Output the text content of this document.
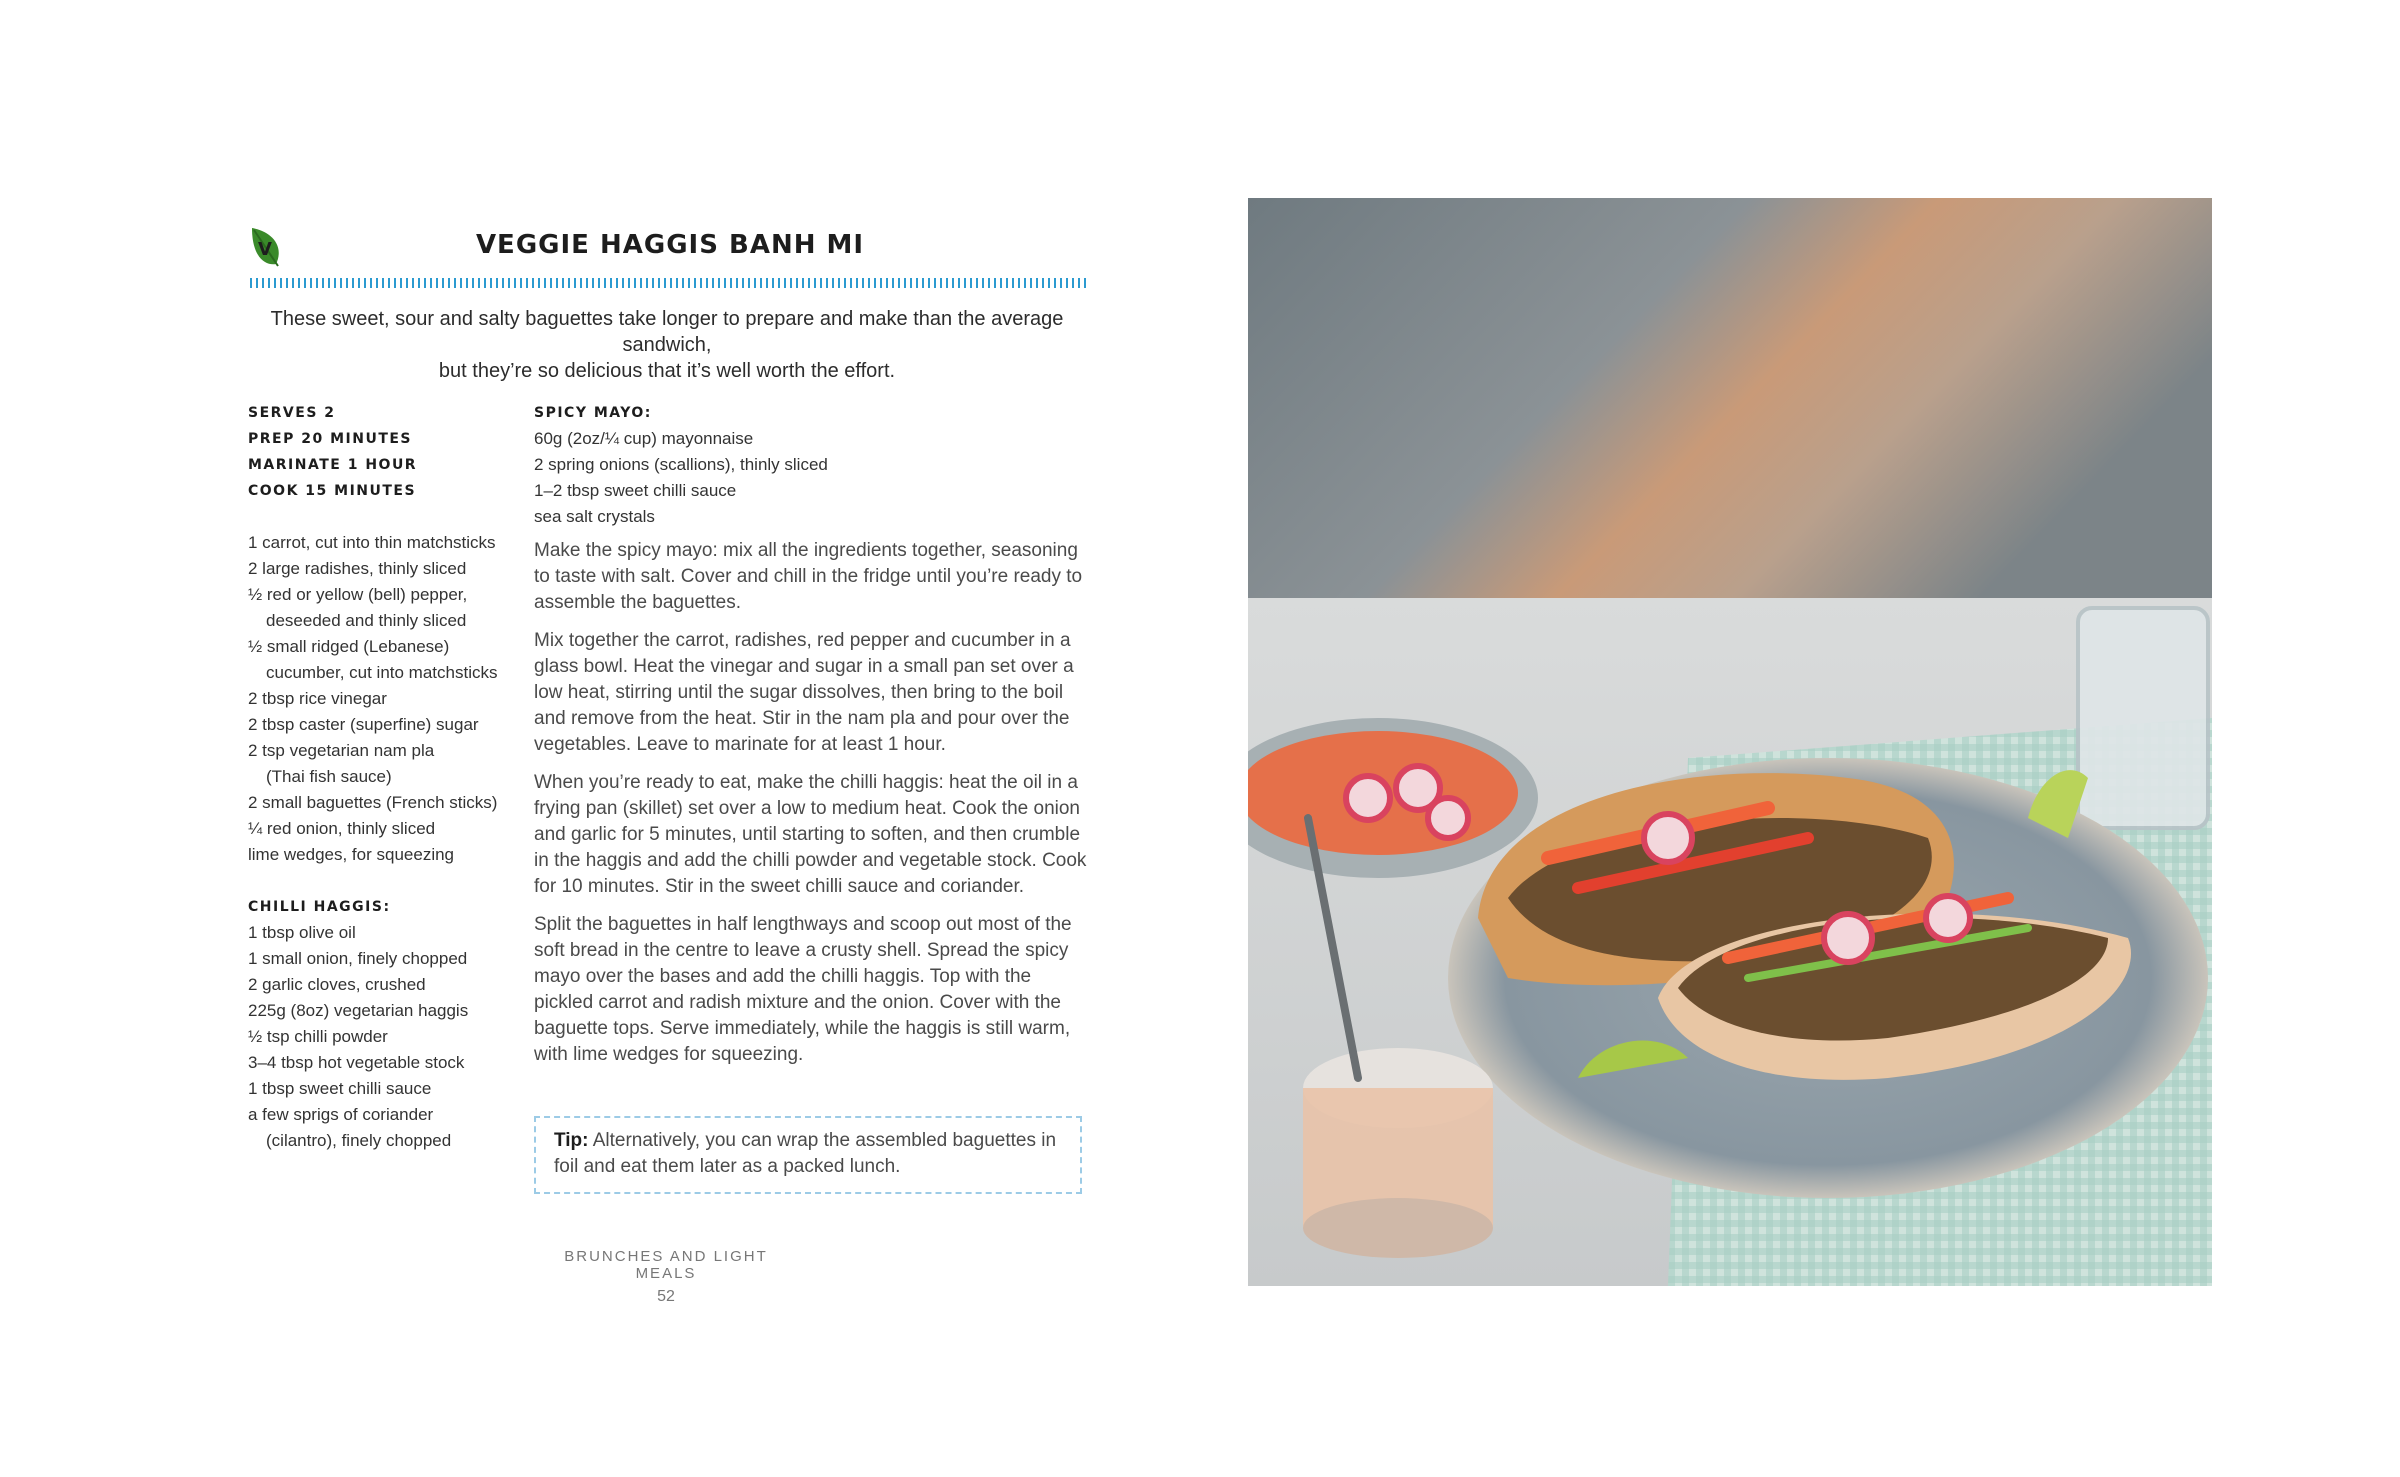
V	VEGGIE HAGGIS BANH MI
These sweet, sour and salty baguettes take longer to prepare and make than the average sandwich,
but they’re so delicious that it’s well worth the effort.
SERVES 2
PREP 20 MINUTES
MARINATE 1 HOUR
COOK 15 MINUTES
1 carrot, cut into thin matchsticks
2 large radishes, thinly sliced
½ red or yellow (bell) pepper,
deseeded and thinly sliced
½ small ridged (Lebanese)
cucumber, cut into matchsticks
2 tbsp rice vinegar
2 tbsp caster (superfine) sugar
2 tsp vegetarian nam pla
(Thai fish sauce)
2 small baguettes (French sticks)
¼ red onion, thinly sliced
lime wedges, for squeezing
CHILLI HAGGIS:
1 tbsp olive oil
1 small onion, finely chopped
2 garlic cloves, crushed
225g (8oz) vegetarian haggis
½ tsp chilli powder
3–4 tbsp hot vegetable stock
1 tbsp sweet chilli sauce
a few sprigs of coriander
(cilantro), finely chopped
SPICY MAYO:
60g (2oz/¼ cup) mayonnaise
2 spring onions (scallions), thinly sliced
1–2 tbsp sweet chilli sauce
sea salt crystals

Make the spicy mayo: mix all the ingredients together, seasoning to taste with salt. Cover and chill in the fridge until you’re ready to assemble the baguettes.

Mix together the carrot, radishes, red pepper and cucumber in a glass bowl. Heat the vinegar and sugar in a small pan set over a low heat, stirring until the sugar dissolves, then bring to the boil and remove from the heat. Stir in the nam pla and pour over the vegetables. Leave to marinate for at least 1 hour.

When you’re ready to eat, make the chilli haggis: heat the oil in a frying pan (skillet) set over a low to medium heat. Cook the onion and garlic for 5 minutes, until starting to soften, and then crumble in the haggis and add the chilli powder and vegetable stock. Cook for 10 minutes. Stir in the sweet chilli sauce and coriander.

Split the baguettes in half lengthways and scoop out most of the soft bread in the centre to leave a crusty shell. Spread the spicy mayo over the bases and add the chilli haggis. Top with the pickled carrot and radish mixture and the onion. Cover with the baguette tops. Serve immediately, while the haggis is still warm, with lime wedges for squeezing.

Tip: Alternatively, you can wrap the assembled baguettes in foil and eat them later as a packed lunch.
BRUNCHES AND LIGHT MEALS
52
